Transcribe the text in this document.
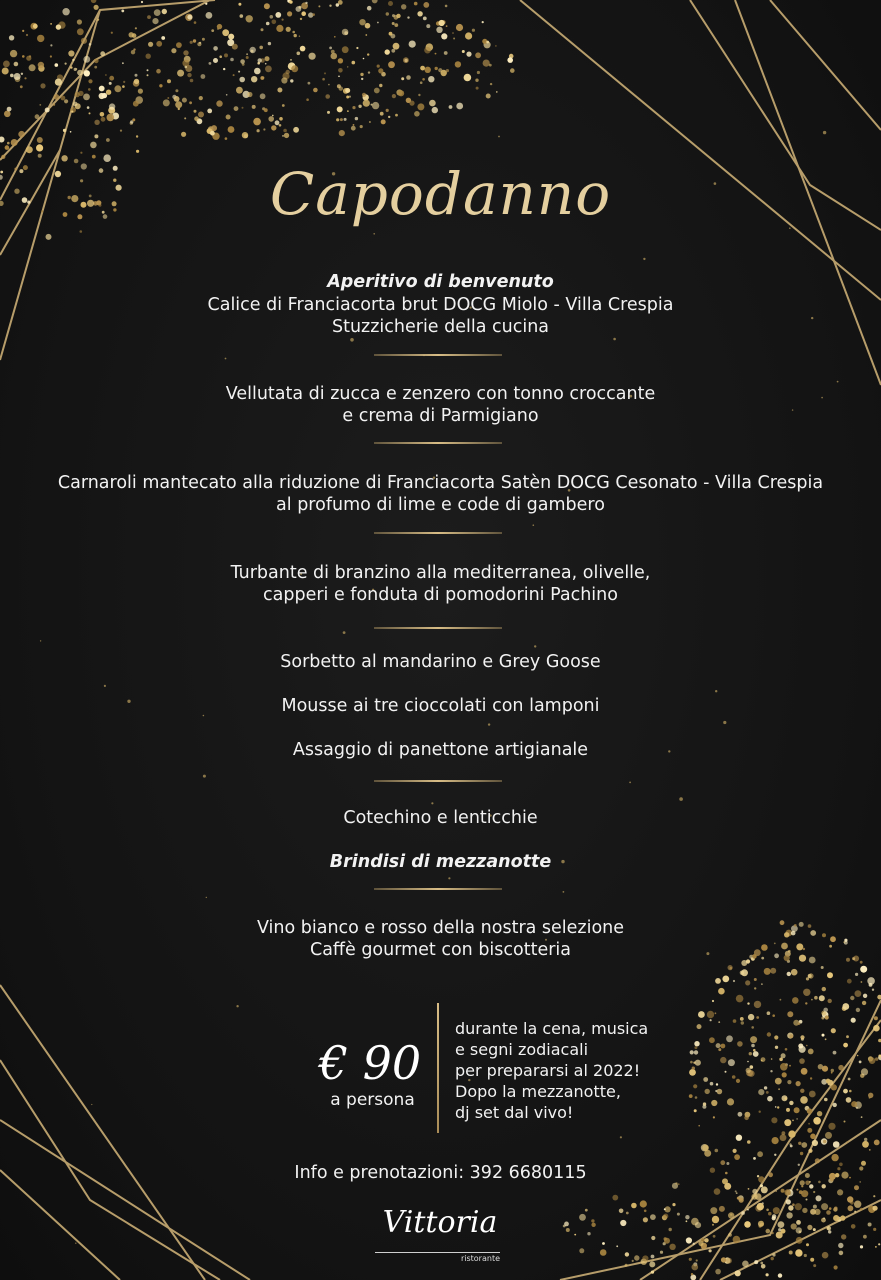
Capodanno
Aperitivo di benvenuto
Calice di Franciacorta brut DOCG Miolo - Villa Crespia
Stuzzicherie della cucina
Vellutata di zucca e zenzero con tonno croccante
e crema di Parmigiano
Carnaroli mantecato alla riduzione di Franciacorta Satèn DOCG Cesonato - Villa Crespia
al profumo di lime e code di gambero
Turbante di branzino alla mediterranea, olivelle,
capperi e fonduta di pomodorini Pachino
Sorbetto al mandarino e Grey Goose
Mousse ai tre cioccolati con lamponi
Assaggio di panettone artigianale
Cotechino e lenticchie
Brindisi di mezzanotte
Vino bianco e rosso della nostra selezione
Caffè gourmet con biscotteria
€ 90
a persona
durante la cena, musica
e segni zodiacali
per prepararsi al 2022!
Dopo la mezzanotte,
dj set dal vivo!
Info e prenotazioni: 392 6680115
Vittoria
ristorante
